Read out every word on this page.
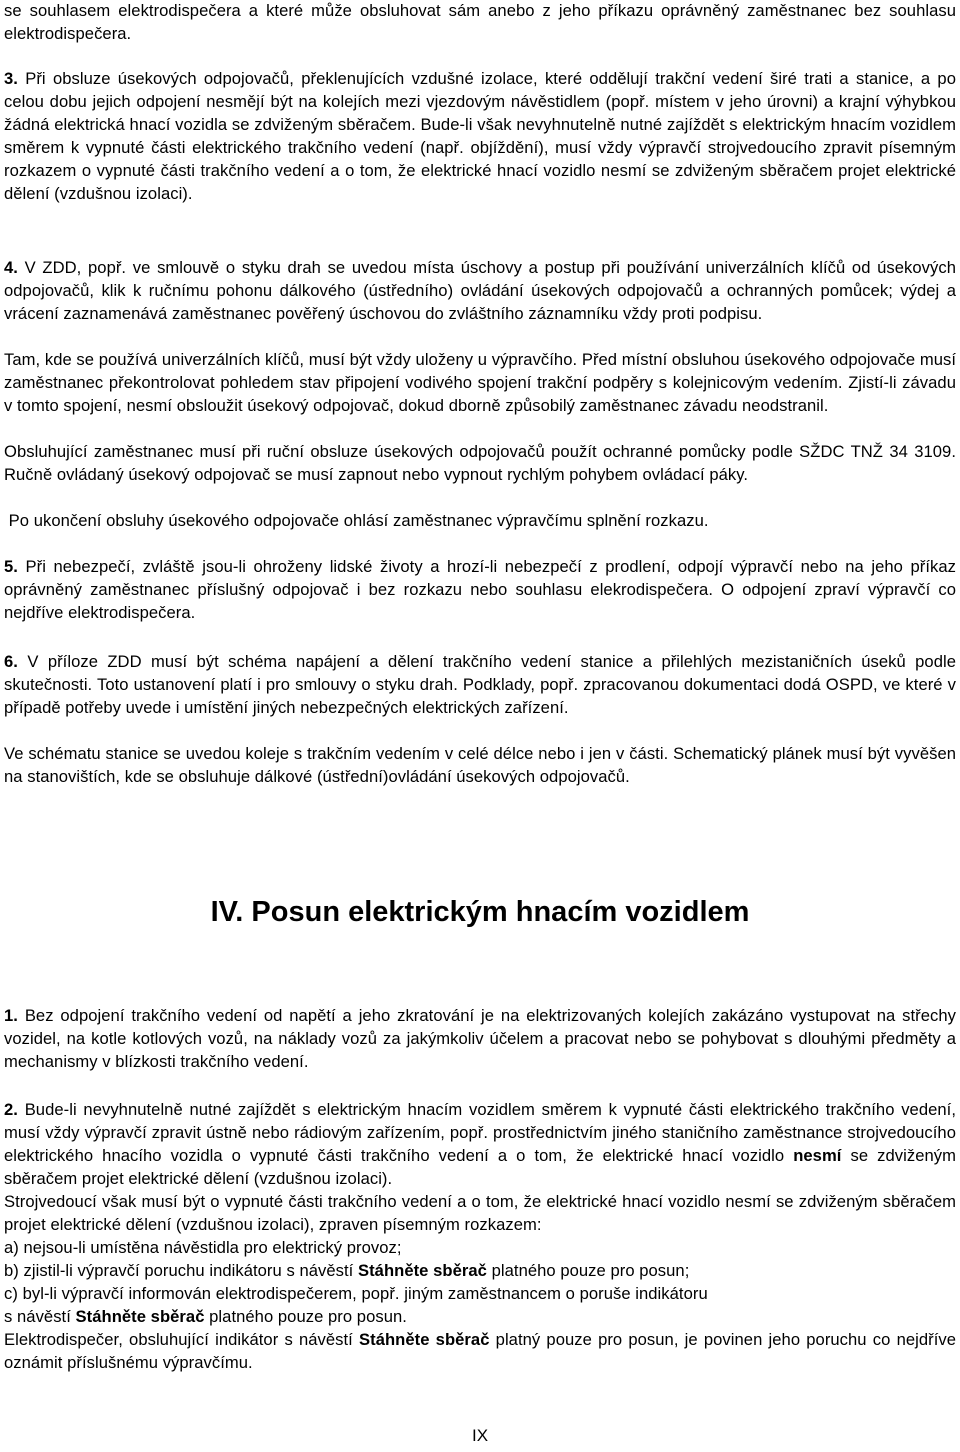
se souhlasem elektrodispečera a které může obsluhovat sám anebo z jeho příkazu oprávněný zaměstnanec bez souhlasu elektrodispečera.

3. Při obsluze úsekových odpojovačů, překlenujících vzdušné izolace, které oddělují trakční vedení širé trati a stanice, a po celou dobu jejich odpojení nesmějí být na kolejích mezi vjezdovým návěstidlem (popř. místem v jeho úrovni) a krajní výhybkou žádná elektrická hnací vozidla se zdviženým sběračem. Bude-li však nevyhnutelně nutné zajíždět s elektrickým hnacím vozidlem směrem k vypnuté části elektrického trakčního vedení (např. objíždění), musí vždy výpravčí strojvedoucího zpravit písemným rozkazem o vypnuté části trakčního vedení a o tom, že elektrické hnací vozidlo nesmí se zdviženým sběračem projet elektrické dělení (vzdušnou izolaci).

4. V ZDD, popř. ve smlouvě o styku drah se uvedou místa úschovy a postup při používání univerzálních klíčů od úsekových odpojovačů, klik k ručnímu pohonu dálkového (ústředního) ovládání úsekových odpojovačů a ochranných pomůcek; výdej a vrácení zaznamenává zaměstnanec pověřený úschovou do zvláštního záznamníku vždy proti podpisu.

Tam, kde se používá univerzálních klíčů, musí být vždy uloženy u výpravčího. Před místní obsluhou úsekového odpojovače musí zaměstnanec překontrolovat pohledem stav připojení vodivého spojení trakční podpěry s kolejnicovým vedením. Zjistí-li závadu v tomto spojení, nesmí obsloužit úsekový odpojovač, dokud dborně způsobilý zaměstnanec závadu neodstranil.

Obsluhující zaměstnanec musí při ruční obsluze úsekových odpojovačů použít ochranné pomůcky podle SŽDC TNŽ 34 3109. Ručně ovládaný úsekový odpojovač se musí zapnout nebo vypnout rychlým pohybem ovládací páky.

Po ukončení obsluhy úsekového odpojovače ohlásí zaměstnanec výpravčímu splnění rozkazu.

5. Při nebezpečí, zvláště jsou-li ohroženy lidské životy a hrozí-li nebezpečí z prodlení, odpojí výpravčí nebo na jeho příkaz oprávněný zaměstnanec příslušný odpojovač i bez rozkazu nebo souhlasu elekrodispečera. O odpojení zpraví výpravčí co nejdříve elektrodispečera.

6. V příloze ZDD musí být schéma napájení a dělení trakčního vedení stanice a přilehlých mezistaničních úseků podle skutečnosti. Toto ustanovení platí i pro smlouvy o styku drah. Podklady, popř. zpracovanou dokumentaci dodá OSPD, ve které v případě potřeby uvede i umístění jiných nebezpečných elektrických zařízení.

Ve schématu stanice se uvedou koleje s trakčním vedením v celé délce nebo i jen v části. Schematický plánek musí být vyvěšen na stanovištích, kde se obsluhuje dálkové (ústřední)ovládání úsekových odpojovačů.

IV. Posun elektrickým hnacím vozidlem

1. Bez odpojení trakčního vedení od napětí a jeho zkratování je na elektrizovaných kolejích zakázáno vystupovat na střechy vozidel, na kotle kotlových vozů, na náklady vozů za jakýmkoliv účelem a pracovat nebo se pohybovat s dlouhými předměty a mechanismy v blízkosti trakčního vedení.

2. Bude-li nevyhnutelně nutné zajíždět s elektrickým hnacím vozidlem směrem k vypnuté části elektrického trakčního vedení, musí vždy výpravčí zpravit ústně nebo rádiovým zařízením, popř. prostřednictvím jiného staničního zaměstnance strojvedoucího elektrického hnacího vozidla o vypnuté části trakčního vedení a o tom, že elektrické hnací vozidlo nesmí se zdviženým sběračem projet elektrické dělení (vzdušnou izolaci).

Strojvedoucí však musí být o vypnuté části trakčního vedení a o tom, že elektrické hnací vozidlo nesmí se zdviženým sběračem projet elektrické dělení (vzdušnou izolaci), zpraven písemným rozkazem:

a) nejsou-li umístěna návěstidla pro elektrický provoz;

b) zjistil-li výpravčí poruchu indikátoru s návěstí Stáhněte sběrač platného pouze pro posun;

c) byl-li výpravčí informován elektrodispečerem, popř. jiným zaměstnancem o poruše indikátoru

s návěstí Stáhněte sběrač platného pouze pro posun.

Elektrodispečer, obsluhující indikátor s návěstí Stáhněte sběrač platný pouze pro posun, je povinen jeho poruchu co nejdříve oznámit příslušnému výpravčímu.

IX
